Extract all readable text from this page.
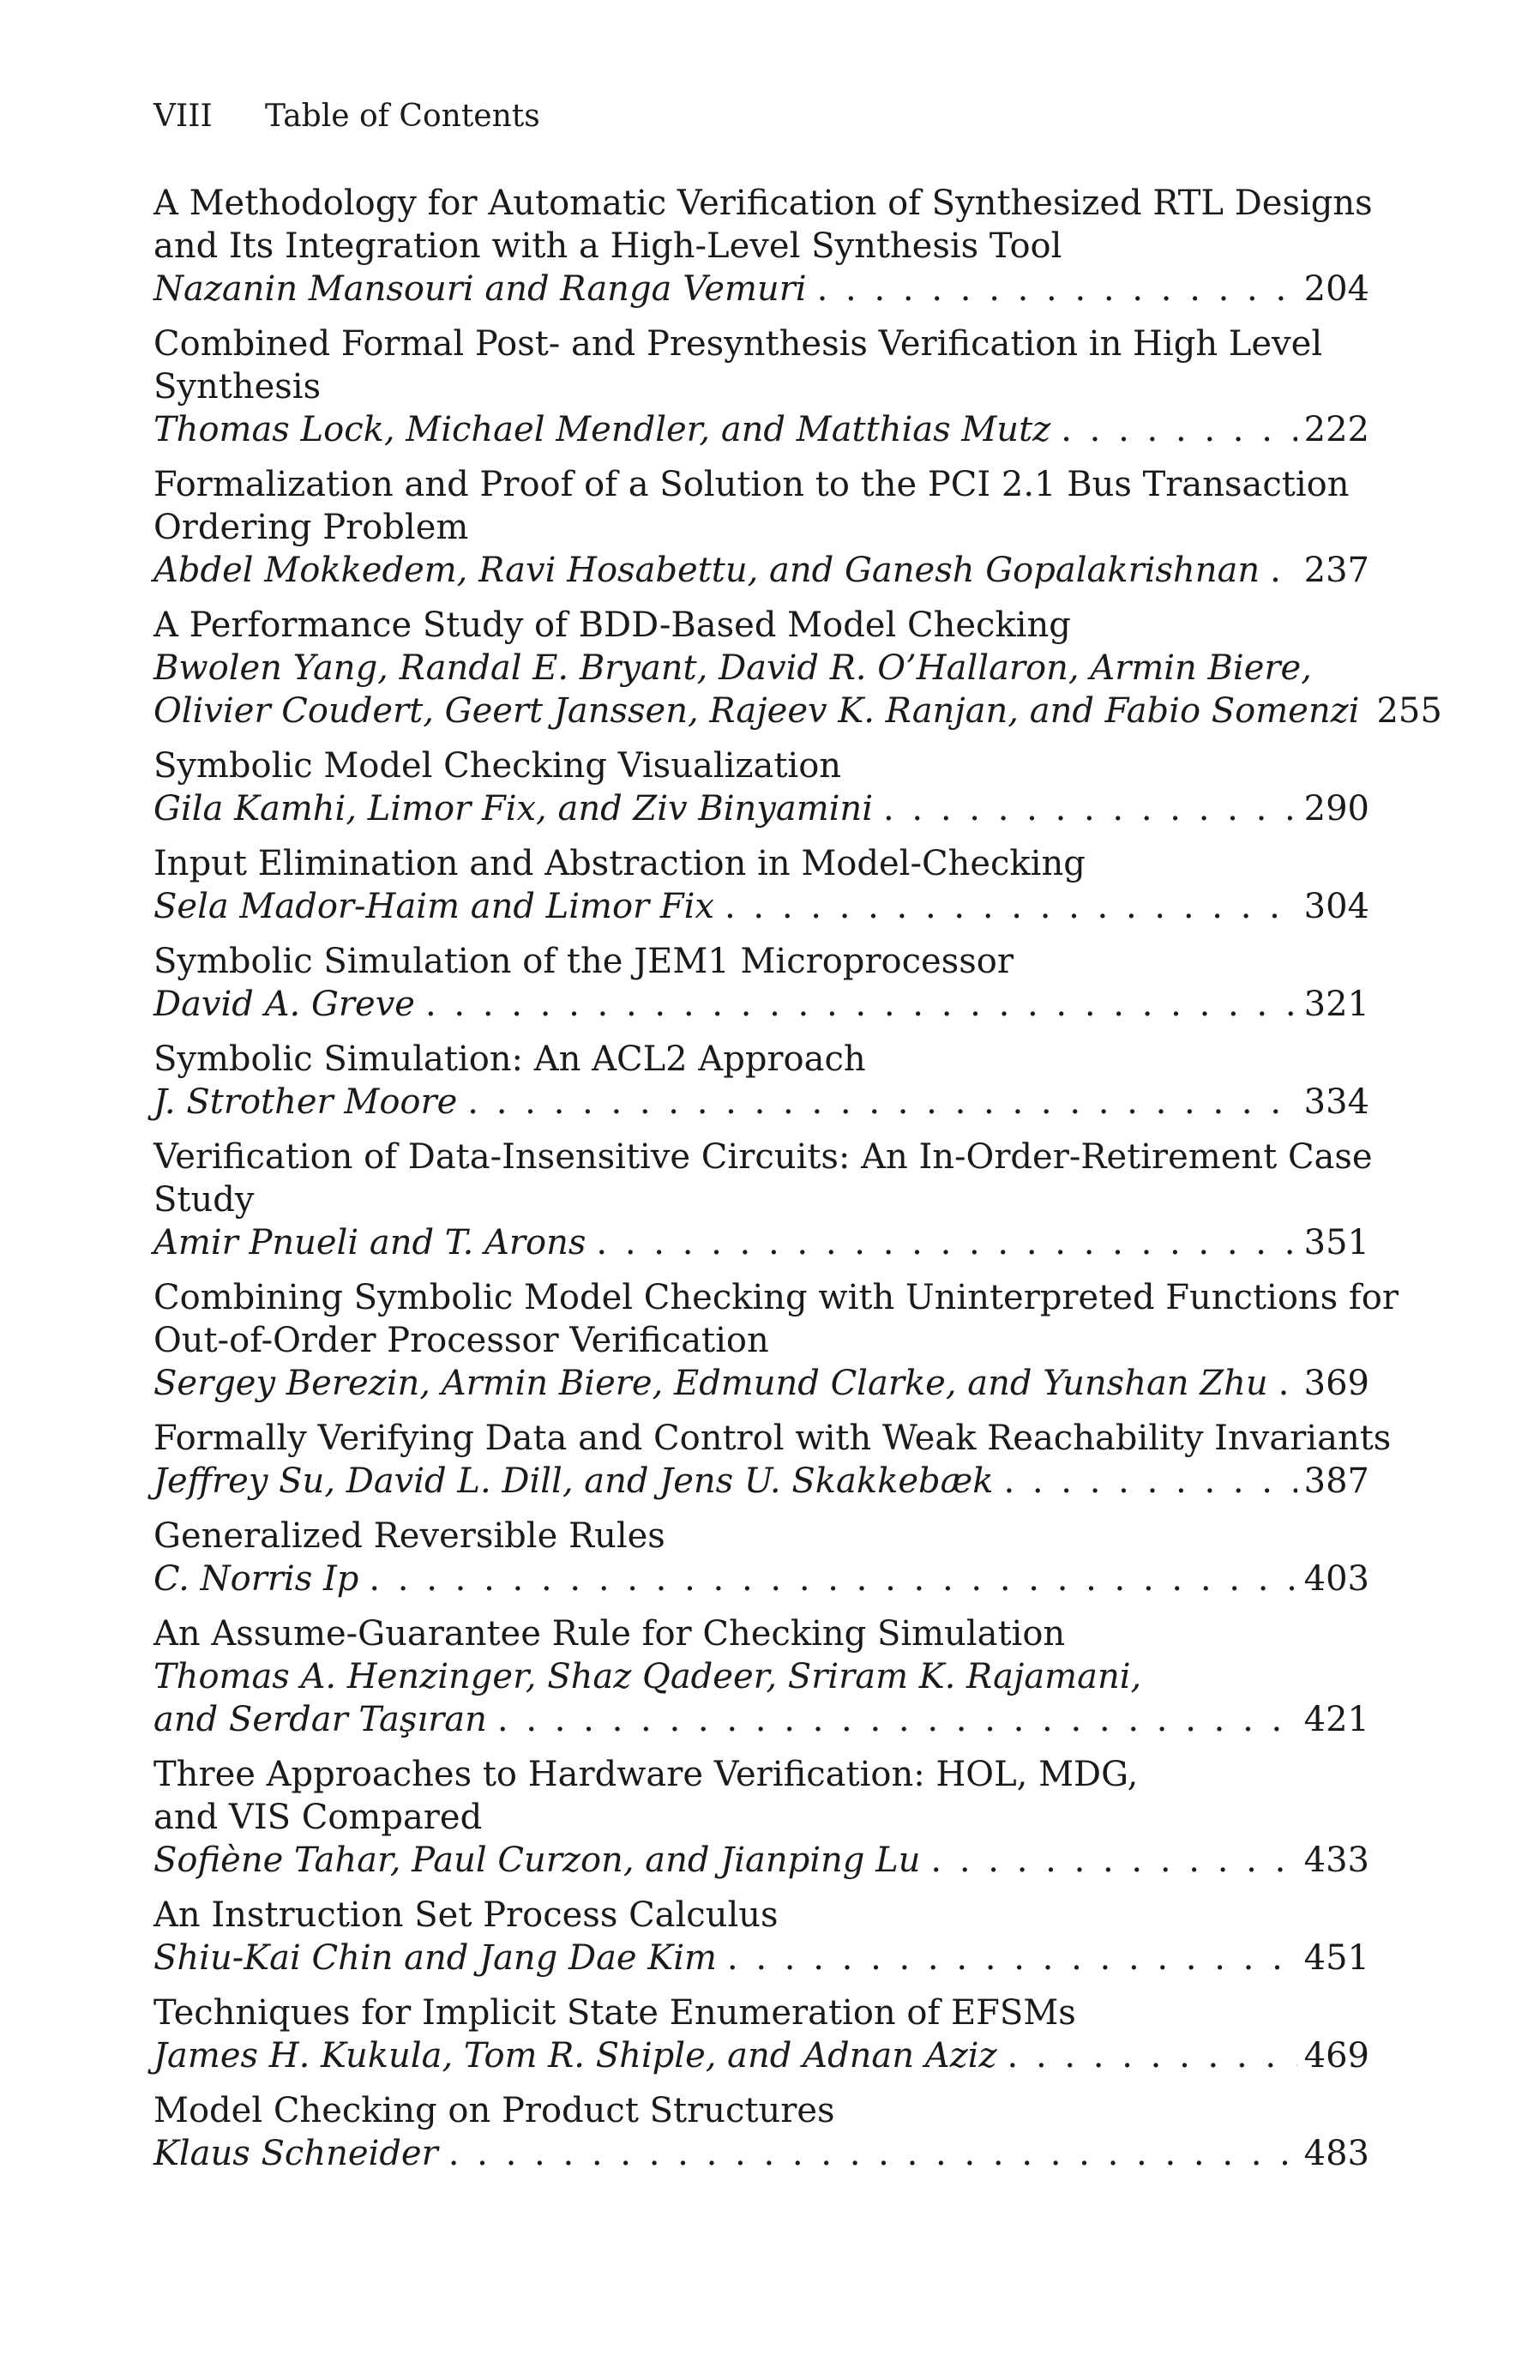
VIII Table of Contents
A Methodology for Automatic Verification of Synthesized RTL Designs
and Its Integration with a High-Level Synthesis Tool
Nazanin Mansouri and Ranga Vemuri . . .	204
Combined Formal Post- and Presynthesis Verification in High Level
Synthesis
Thomas Lock, Michael Mendler, and Matthias Mutz . . .	222
Formalization and Proof of a Solution to the PCI 2.1 Bus Transaction
Ordering Problem
Abdel Mokkedem, Ravi Hosabettu, and Ganesh Gopalakrishnan . . . 237
A Performance Study of BDD-Based Model Checking
Bwolen Yang, Randal E. Bryant, David R. O’Hallaron, Armin Biere,
Olivier Coudert, Geert Janssen, Rajeev K. Ranjan, and Fabio Somenzi 255
Symbolic Model Checking Visualization
Gila Kamhi, Limor Fix, and Ziv Binyamini . . .	290
Input Elimination and Abstraction in Model-Checking
Sela Mador-Haim and Limor Fix . . .	304
Symbolic Simulation of the JEM1 Microprocessor
David A. Greve . . .	321
Symbolic Simulation: An ACL2 Approach
J. Strother Moore . . .	334
Verification of Data-Insensitive Circuits: An In-Order-Retirement Case
Study
Amir Pnueli and T. Arons . . .	351
Combining Symbolic Model Checking with Uninterpreted Functions for
Out-of-Order Processor Verification
Sergey Berezin, Armin Biere, Edmund Clarke, and Yunshan Zhu . . . 369
Formally Verifying Data and Control with Weak Reachability Invariants
Jeffrey Su, David L. Dill, and Jens U. Skakkebæk . . .	387
Generalized Reversible Rules
C. Norris Ip . . .	403
An Assume-Guarantee Rule for Checking Simulation
Thomas A. Henzinger, Shaz Qadeer, Sriram K. Rajamani,
and Serdar Taşıran . . .	421
Three Approaches to Hardware Verification: HOL, MDG,
and VIS Compared
Sofiène Tahar, Paul Curzon, and Jianping Lu . . .	433
An Instruction Set Process Calculus
Shiu-Kai Chin and Jang Dae Kim . . .	451
Techniques for Implicit State Enumeration of EFSMs
James H. Kukula, Tom R. Shiple, and Adnan Aziz . . .	469
Model Checking on Product Structures
Klaus Schneider . . .	483
